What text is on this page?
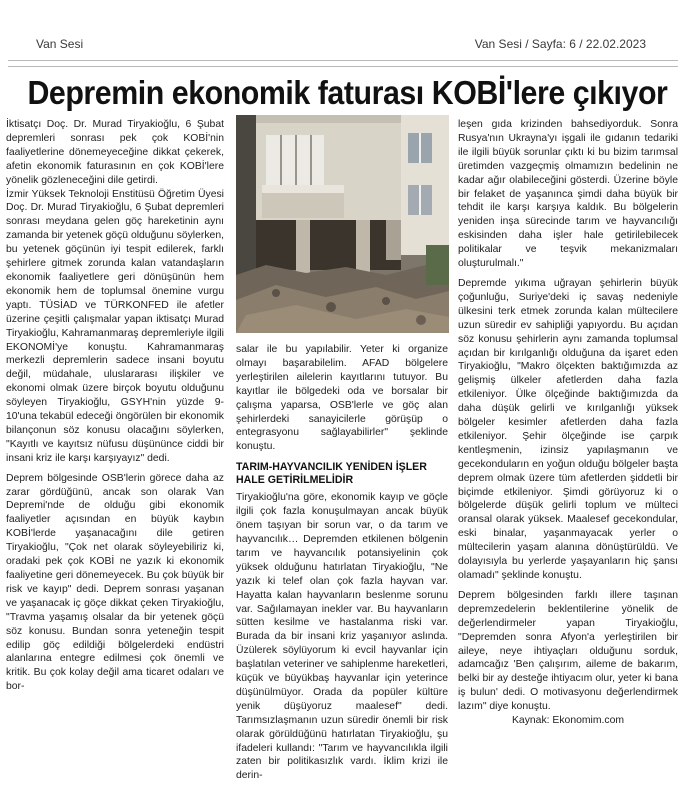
Van Sesi	Van Sesi / Sayfa: 6 / 22.02.2023
Depremin ekonomik faturası KOBİ'lere çıkıyor

İktisatçı Doç. Dr. Murad Tiryakioğlu, 6 Şubat depremleri sonrası pek çok KOBİ'nin faaliyetlerine dönemeyeceğine dikkat çekerek, afetin ekonomik faturasının en çok KOBİ'lere yönelik gözleneceğini dile getirdi.

İzmir Yüksek Teknoloji Enstitüsü Öğretim Üyesi Doç. Dr. Murad Tiryakioğlu, 6 Şubat depremleri sonrası meydana gelen göç hareketinin aynı zamanda bir yetenek göçü olduğunu söylerken, bu yetenek göçünün iyi tespit edilerek, farklı şehirlere gitmek zorunda kalan vatandaşların ekonomik faaliyetlere geri dönüşünün hem ekonomik hem de toplumsal önemine vurgu yaptı. TÜSİAD ve TÜRKONFED ile afetler üzerine çeşitli çalışmalar yapan iktisatçı Murad Tiryakioğlu, Kahramanmaraş depremleriyle ilgili EKONOMİ'ye konuştu. Kahramanmaraş merkezli depremlerin sadece insani boyutu değil, müdahale, uluslararası ilişkiler ve ekonomi olmak üzere birçok boyutu olduğunu söyleyen Tiryakioğlu, GSYH'nin yüzde 9-10'una tekabül edeceği öngörülen bir ekonomik bilançonun söz konusu olacağını söylerken, "Kayıtlı ve kayıtsız nüfusu düşününce ciddi bir insani kriz ile karşı karşıyayız" dedi.

Deprem bölgesinde OSB'lerin görece daha az zarar gördüğünü, ancak son olarak Van Depremi'nde de olduğu gibi ekonomik faaliyetler açısından en büyük kaybın KOBİ'lerde yaşanacağını dile getiren Tiryakioğlu, "Çok net olarak söyleyebiliriz ki, oradaki pek çok KOBİ ne yazık ki ekonomik faaliyetine geri dönemeyecek. Bu çok büyük bir risk ve kayıp" dedi. Deprem sonrası yaşanan ve yaşanacak iç göçe dikkat çeken Tiryakioğlu, "Travma yaşamış olsalar da bir yetenek göçü söz konusu. Bundan sonra yeteneğin tespit edilip göç edildiği bölgelerdeki endüstri alanlarına entegre edilmesi çok önemli ve kritik. Bu çok kolay değil ama ticaret odaları ve bor-

salar ile bu yapılabilir. Yeter ki organize olmayı başarabilelim. AFAD bölgelere yerleştirilen ailelerin kayıtlarını tutuyor. Bu kayıtlar ile bölgedeki oda ve borsalar bir çalışma yaparsa, OSB'lerle ve göç alan şehirlerdeki sanayicilerle görüşüp o entegrasyonu sağlayabilirler" şeklinde konuştu.

TARIM-HAYVANCILIK YENİDEN İŞLER HALE GETİRİLMELİDİR

Tiryakioğlu'na göre, ekonomik kayıp ve göçle ilgili çok fazla konuşulmayan ancak büyük önem taşıyan bir sorun var, o da tarım ve hayvancılık… Depremden etkilenen bölgenin tarım ve hayvancılık potansiyelinin çok yüksek olduğunu hatırlatan Tiryakioğlu, "Ne yazık ki telef olan çok fazla hayvan var. Hayatta kalan hayvanların beslenme sorunu var. Sağılamayan inekler var. Bu hayvanların sütten kesilme ve hastalanma riski var. Burada da bir insani kriz yaşanıyor aslında. Üzülerek söylüyorum ki evcil hayvanlar için başlatılan veteriner ve sahiplenme hareketleri, küçük ve büyükbaş hayvanlar için yeterince düşünülmüyor. Orada da popüler kültüre yenik düşüyoruz maalesef" dedi. Tarımsızlaşmanın uzun süredir önemli bir risk olarak görüldüğünü hatırlatan Tiryakioğlu, şu ifadeleri kullandı: "Tarım ve hayvancılıkla ilgili zaten bir politikasızlık vardı. İklim krizi ile derin-

leşen gıda krizinden bahsediyorduk. Sonra Rusya'nın Ukrayna'yı işgali ile gıdanın tedariki ile ilgili büyük sorunlar çıktı ki bu bizim tarımsal üretimden vazgeçmiş olmamızın bedelinin ne kadar ağır olabileceğini gösterdi. Üzerine böyle bir felaket de yaşanınca şimdi daha büyük bir tehdit ile karşı karşıya kaldık. Bu bölgelerin yeniden inşa sürecinde tarım ve hayvancılığı eskisinden daha işler hale getirilebilecek politikalar ve teşvik mekanizmaları oluşturulmalı."

Depremde yıkıma uğrayan şehirlerin büyük çoğunluğu, Suriye'deki iç savaş nedeniyle ülkesini terk etmek zorunda kalan mültecilere uzun süredir ev sahipliği yapıyordu. Bu açıdan söz konusu şehirlerin aynı zamanda toplumsal açıdan bir kırılganlığı olduğuna da işaret eden Tiryakioğlu, "Makro ölçekten baktığımızda az gelişmiş ülkeler afetlerden daha fazla etkileniyor. Ülke ölçeğinde baktığımızda da daha düşük gelirli ve kırılganlığı yüksek bölgeler kesimler afetlerden daha fazla etkileniyor. Şehir ölçeğinde ise çarpık kentleşmenin, izinsiz yapılaşmanın ve gecekonduların en yoğun olduğu bölgeler başta deprem olmak üzere tüm afetlerden şiddetli bir biçimde etkileniyor. Şimdi görüyoruz ki o bölgelerde düşük gelirli toplum ve mülteci oransal olarak yüksek. Maalesef gecekondular, eski binalar, yaşanmayacak yerler o mültecilerin yaşam alanına dönüştürüldü. Ve dolayısıyla bu yerlerde yaşayanların hiç şansı olamadı" şeklinde konuştu.

Deprem bölgesinden farklı illere taşınan depremzedelerin beklentilerine yönelik de değerlendirmeler yapan Tiryakioğlu, "Depremden sonra Afyon'a yerleştirilen bir aileye, neye ihtiyaçları olduğunu sorduk, adamcağız 'Ben çalışırım, aileme de bakarım, belki bir ay desteğe ihtiyacım olur, yeter ki bana iş bulun' dedi. O motivasyonu değerlendirmek lazım" diye konuştu.

Kaynak: Ekonomim.com
